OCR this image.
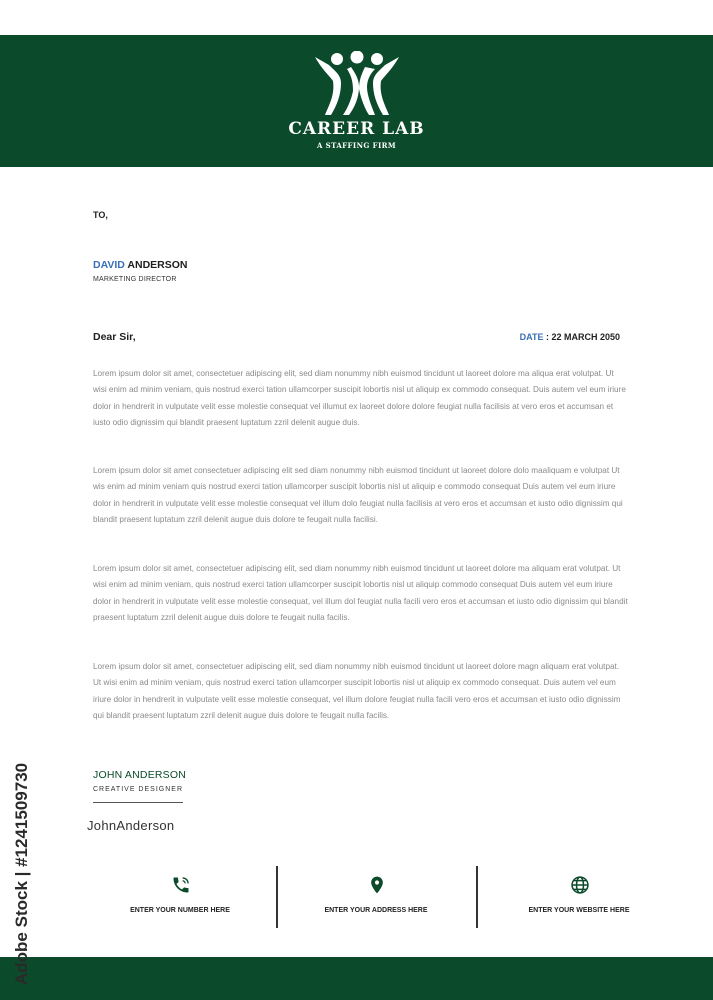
CAREER LAB
A STAFFING FIRM
TO,
DAVID ANDERSON
MARKETING DIRECTOR
Dear Sir,	DATE : 22 MARCH 2050

Lorem ipsum dolor sit amet, consectetuer adipiscing elit, sed diam nonummy nibh euismod tincidunt ut laoreet dolore ma aliqua erat volutpat. Ut wisi enim ad minim veniam, quis nostrud exerci tation ullamcorper suscipit lobortis nisl ut aliquip ex commodo consequat. Duis autem vel eum iriure dolor in hendrerit in vulputate velit esse molestie consequat vel illumut ex laoreet dolore dolore feugiat nulla facilisis at vero eros et accumsan et iusto odio dignissim qui blandit praesent luptatum zzril delenit augue duis.

Lorem ipsum dolor sit amet consectetuer adipiscing elit sed diam nonummy nibh euismod tincidunt ut laoreet dolore dolo maaliquam e volutpat Ut wis enim ad minim veniam quis nostrud exerci tation ullamcorper suscipit lobortis nisl ut aliquip e commodo consequat Duis autem vel eum iriure dolor in hendrerit in vulputate velit esse molestie consequat vel illum dolo feugiat nulla facilisis at vero eros et accumsan et iusto odio dignissim qui blandit praesent luptatum zzril delenit augue duis dolore te feugait nulla facilisi.

Lorem ipsum dolor sit amet, consectetuer adipiscing elit, sed diam nonummy nibh euismod tincidunt ut laoreet dolore ma aliquam erat volutpat. Ut wisi enim ad minim veniam, quis nostrud exerci tation ullamcorper suscipit lobortis nisl ut aliquip commodo consequat Duis autem vel eum iriure dolor in hendrerit in vulputate velit esse molestie consequat, vel illum dol feugiat nulla facili vero eros et accumsan et iusto odio dignissim qui blandit praesent luptatum zzril delenit augue duis dolore te feugait nulla facilis.

Lorem ipsum dolor sit amet, consectetuer adipiscing elit, sed diam nonummy nibh euismod tincidunt ut laoreet dolore magn aliquam erat volutpat. Ut wisi enim ad minim veniam, quis nostrud exerci tation ullamcorper suscipit lobortis nisl ut aliquip ex commodo consequat. Duis autem vel eum iriure dolor in hendrerit in vulputate velit esse molestie consequat, vel illum dolore feugiat nulla facili vero eros et accumsan et iusto odio dignissim qui blandit praesent luptatum zzril delenit augue duis dolore te feugait nulla facilis.

JOHN ANDERSON
CREATIVE DESIGNER
JohnAnderson
ENTER YOUR NUMBER HERE	ENTER YOUR ADDRESS HERE	ENTER YOUR WEBSITE HERE
Adobe Stock | #1241509730
